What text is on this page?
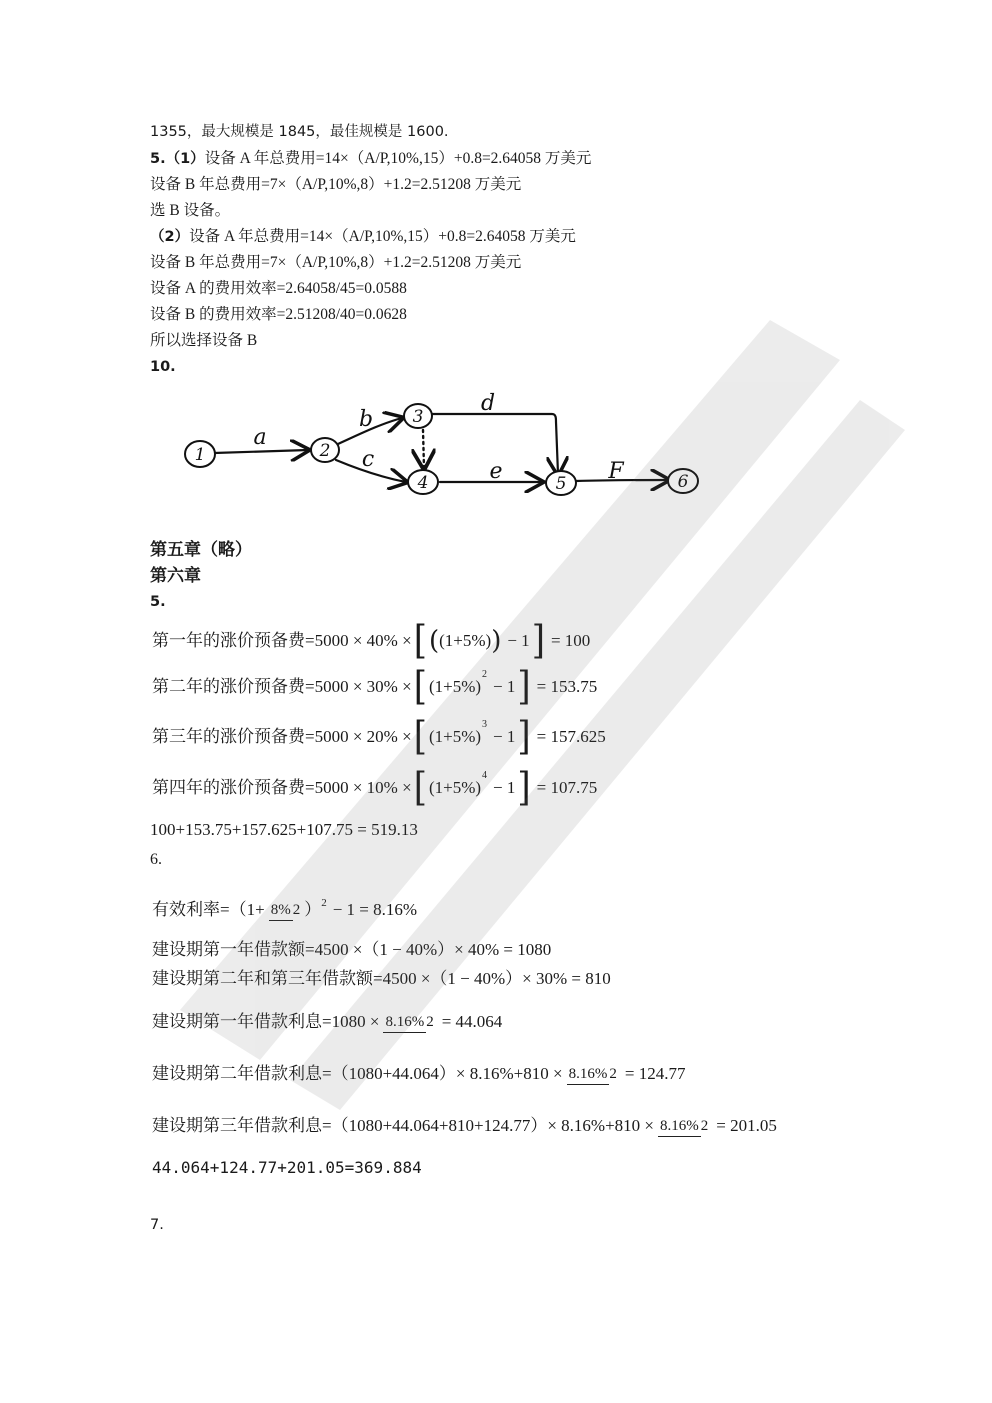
1355，最大规模是 1845，最佳规模是 1600.
5.（1）设备 A 年总费用=14×（A/P,10%,15）+0.8=2.64058 万美元
设备 B 年总费用=7×（A/P,10%,8）+1.2=2.51208 万美元
选 B 设备。
（2）设备 A 年总费用=14×（A/P,10%,15）+0.8=2.64058 万美元
设备 B 年总费用=7×（A/P,10%,8）+1.2=2.51208 万美元
设备 A 的费用效率=2.64058/45=0.0588
设备 B 的费用效率=2.51208/40=0.0628
所以选择设备 B
10.
1	2
3
4	5	6
a
b
c
d
e	F
第五章（略）
第六章
5.
第一年的涨价预备费=5000 × 40% × [ ( (1+5%) ) − 1 ] = 100
第二年的涨价预备费=5000 × 30% × [ (1+5%)
2
− 1 ] = 153.75
第三年的涨价预备费=5000 × 20% × [ (1+5%)
3
− 1 ] = 157.625
第四年的涨价预备费=5000 × 10% × [ (1+5%)
4
− 1 ] = 107.75
100+153.75+157.625+107.75 = 519.13
6.
有效利率=（1+ 8% 2 ） 2 − 1 = 8.16%
建设期第一年借款额=4500 ×（1 − 40%）× 40% = 1080
建设期第二年和第三年借款额=4500 ×（1 − 40%）× 30% = 810
建设期第一年借款利息=1080 × 8.16% 2 = 44.064
建设期第二年借款利息=（1080+44.064）× 8.16%+810 × 8.16% 2 = 124.77
建设期第三年借款利息=（1080+44.064+810+124.77）× 8.16%+810 × 8.16% 2 = 201.05
44.064+124.77+201.05=369.884
7.
